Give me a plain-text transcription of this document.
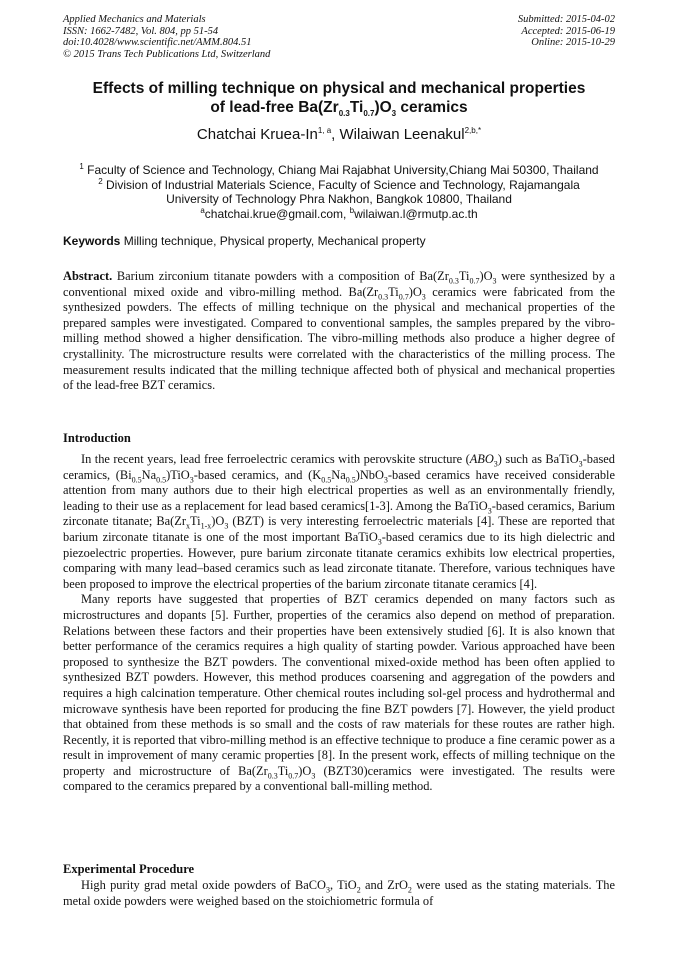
Applied Mechanics and Materials
ISSN: 1662-7482, Vol. 804, pp 51-54
doi:10.4028/www.scientific.net/AMM.804.51
© 2015 Trans Tech Publications Ltd, Switzerland
Submitted: 2015-04-02
Accepted: 2015-06-19
Online: 2015-10-29
Effects of milling technique on physical and mechanical properties
of lead-free $Ba(Zr_{0.3}Ti_{0.7})O_3$ ceramics
Chatchai Kruea-In$^{1, a}$, Wilaiwan Leenakul$^{2,b,*}$
$^1$ Faculty of Science and Technology, Chiang Mai Rajabhat University,Chiang Mai 50300, Thailand
$^2$ Division of Industrial Materials Science, Faculty of Science and Technology, Rajamangala
University of Technology Phra Nakhon, Bangkok 10800, Thailand
$^a$chatchai.krue@gmail.com, $^b$wilaiwan.l@rmutp.ac.th
Keywords Milling technique, Physical property, Mechanical property
Abstract. Barium zirconium titanate powders with a composition of $Ba(Zr_{0.3}Ti_{0.7})O_3$ were synthesized by a conventional mixed oxide and vibro-milling method. $Ba(Zr_{0.3}Ti_{0.7})O_3$ ceramics were fabricated from the synthesized powders. The effects of milling technique on the physical and mechanical properties of the prepared samples were investigated. Compared to conventional samples, the samples prepared by the vibro-milling method showed a higher densification. The vibro-milling methods also produce a higher degree of crystallinity. The microstructure results were correlated with the characteristics of the milling process. The measurement results indicated that the milling technique affected both of physical and mechanical properties of the lead-free BZT ceramics.
Introduction

In the recent years, lead free ferroelectric ceramics with perovskite structure $(ABO_3)$ such as BaTiO$_3$-based ceramics, $(Bi_{0.5}Na_{0.5})TiO_3$-based ceramics, and $(K_{0.5}Na_{0.5})NbO_3$-based ceramics have received considerable attention from many authors due to their high electrical properties as well as an environmentally friendly, leading to their use as a replacement for lead based ceramics[1-3]. Among the BaTiO$_3$-based ceramics, Barium zirconate titanate; $Ba(Zr_xTi_{1-x})O_3$ (BZT) is very interesting ferroelectric materials [4]. These are reported that barium zirconate titanate is one of the most important BaTiO$_3$-based ceramics due to its high dielectric and piezoelectric properties. However, pure barium zirconate titanate ceramics exhibits low electrical properties, comparing with many lead–based ceramics such as lead zirconate titanate. Therefore, various techniques have been proposed to improve the electrical properties of the barium zirconate titanate ceramics [4].

Many reports have suggested that properties of BZT ceramics depended on many factors such as microstructures and dopants [5]. Further, properties of the ceramics also depend on method of preparation. Relations between these factors and their properties have been extensively studied [6]. It is also known that better performance of the ceramics requires a high quality of starting powder. Various approached have been proposed to synthesize the BZT powders. The conventional mixed-oxide method has been often applied to synthesized BZT powders. However, this method produces coarsening and aggregation of the powders and requires a high calcination temperature. Other chemical routes including sol-gel process and hydrothermal and microwave synthesis have been reported for producing the fine BZT powders [7]. However, the yield product that obtained from these methods is so small and the costs of raw materials for these routes are rather high. Recently, it is reported that vibro-milling method is an effective technique to produce a fine ceramic power as a result in improvement of many ceramic properties [8]. In the present work, effects of milling technique on the property and microstructure of $Ba(Zr_{0.3}Ti_{0.7})O_3$ (BZT30)ceramics were investigated. The results were compared to the ceramics prepared by a conventional ball-milling method.

Experimental Procedure

High purity grad metal oxide powders of BaCO$_3$, TiO$_2$ and ZrO$_2$ were used as the stating materials. The metal oxide powders were weighed based on the stoichiometric formula of
